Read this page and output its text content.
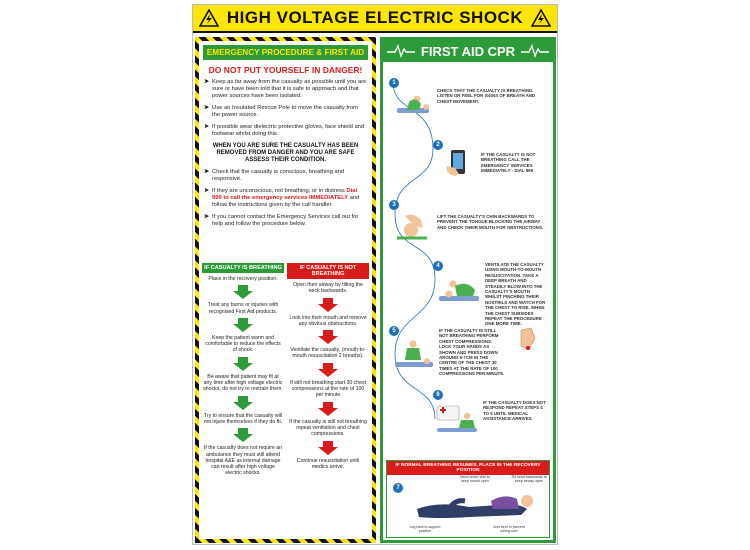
HIGH VOLTAGE ELECTRIC SHOCK
EMERGENCY PROCEDURE & FIRST AID
DO NOT PUT YOURSELF IN DANGER!
➤ Keep as far away from the casualty as possible until you are sure or have been told that it is safe to approach and that power sources have been isolated.
➤ Use an Insulated Rescue Pole to move the casualty from the power source.
➤ If possible wear dielectric protective gloves, face shield and footwear whilst doing this.
WHEN YOU ARE SURE THE CASUALTY HAS BEEN REMOVED FROM DANGER AND YOU ARE SAFE ASSESS THEIR CONDITION.
➤ Check that the casualty is conscious, breathing and responsive.
➤ If they are unconscious, not breathing, or in distress Dial 999 to call the emergency services IMMEDIATELY and follow the instructions given by the call handler.
➤ If you cannot contact the Emergency Services call out for help and follow the procedure below.
IF CASUALTY IS BREATHING
Place in the recovery position.
Treat any burns or injuries with recognised First Aid products.
Keep the patient warm and comfortable to reduce the effects of shock.
Be aware that patient may fit at any time after high voltage electric shocks, do not try to restrain them.
Try to ensure that the casualty will not injure themselves if they do fit.
If the casualty does not require an ambulance they must still attend hospital A&E as internal damage can result after high voltage electric shocks.
IF CASUALTY IS NOT BREATHING
Open their airway by tilting the neck backwards.
Look into their mouth and remove any obvious obstructions.
Ventilate the casualty, (mouth-to-mouth resuscitation 2 breaths).
If still not breathing start 30 chest compressions at the rate of 100 per minute
If the casualty is still not breathing repeat ventilation and chest compressions.
Continue resuscitation until medics arrive.
FIRST AID CPR
1
CHECK THAT THE CASUALTY IS BREATHING. LISTEN OR FEEL FOR SIGNS OF BREATH AND CHEST MOVEMENT.
2
IF THE CASUALTY IS NOT BREATHING CALL THE EMERGENCY SERVICES IMMEDIATELY - DIAL 999
3
LIFT THE CASUALTY'S CHIN BACKWARDS TO PREVENT THE TONGUE BLOCKING THE AIRWAY AND CHECK THEIR MOUTH FOR OBSTRUCTIONS.
4	VENTILATE THE CASUALTY USING MOUTH-TO-MOUTH RESUSCITATION. TAKE A DEEP BREATH AND STEADILY BLOW INTO THE CASUALTY'S MOUTH WHILST PINCHING THEIR NOSTRILS AND WATCH FOR THE CHEST TO RISE. WHEN THE CHEST SUBSIDES REPEAT THE PROCEDURE ONE MORE TIME.
5	IF THE CASUALTY IS STILL NOT BREATHING PERFORM CHEST COMPRESSIONS. LOCK YOUR HANDS AS SHOWN AND PRESS DOWN AROUND 5-7CM IN THE CENTRE OF THE CHEST 30 TIMES AT THE RATE OF 100 COMPRESSIONS PER MINUTE.
6
IF THE CASUALTY DOES NOT RESPOND REPEAT STEPS 4 TO 5 UNTIL MEDICAL ASSISTANCE ARRIVES.
IF NORMAL BREATHING RESUMES, PLACE IN THE RECOVERY POSITION
7
Hand under chin to keep mouth open
Tilt head backwards to keep airway open
Leg bent to support position
Arm bent to prevent rolling over
